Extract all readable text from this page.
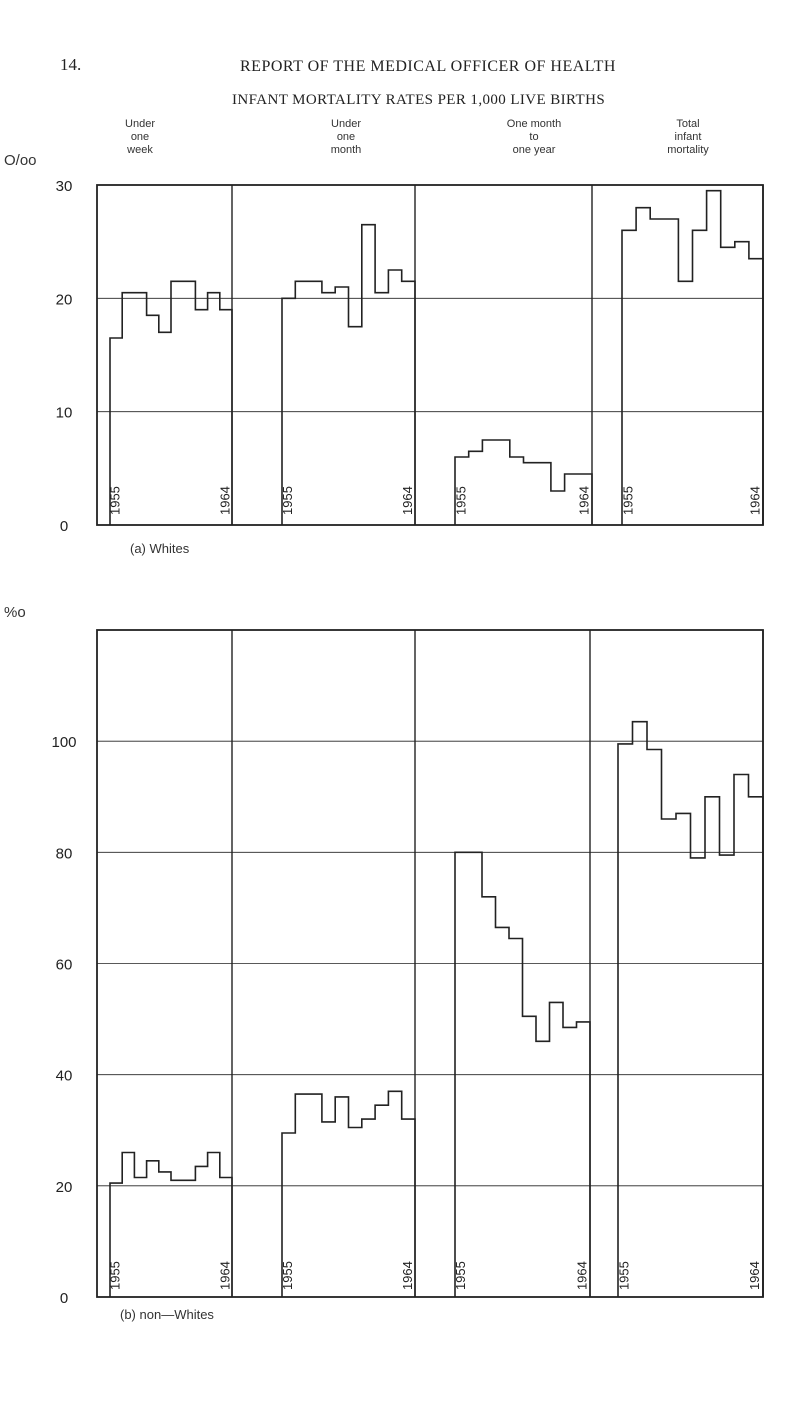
14.	REPORT OF THE MEDICAL OFFICER OF HEALTH
INFANT MORTALITY RATES PER 1,000 LIVE BIRTHS
Under
one
week
Under
one
month
One month
to
one year
Total
infant
mortality
O/oo
(a) Whites
%o
(b) non—Whites
0
10
20
30
1955	1964	1955	1964	1955	1964 1955	1964
0
20
40
60
80
100
1955	1964	1955	1964	1955	1964 1955	1964
